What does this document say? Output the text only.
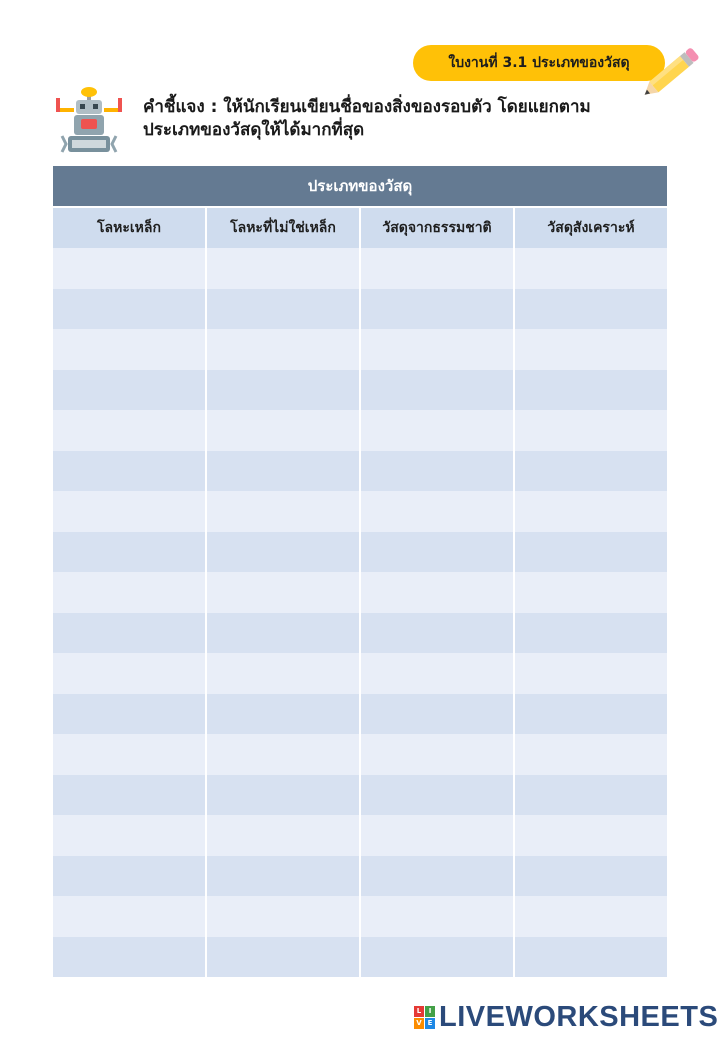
ใบงานที่ 3.1 ประเภทของวัสดุ
คำชี้แจง : ให้นักเรียนเขียนชื่อของสิ่งของรอบตัว โดยแยกตาม
ประเภทของวัสดุให้ได้มากที่สุด
ประเภทของวัสดุ
โลหะเหล็ก	โลหะที่ไม่ใช่เหล็ก	วัสดุจากธรรมชาติ	วัสดุสังเคราะห์
L	I
V E LIVEWORKSHEETS
